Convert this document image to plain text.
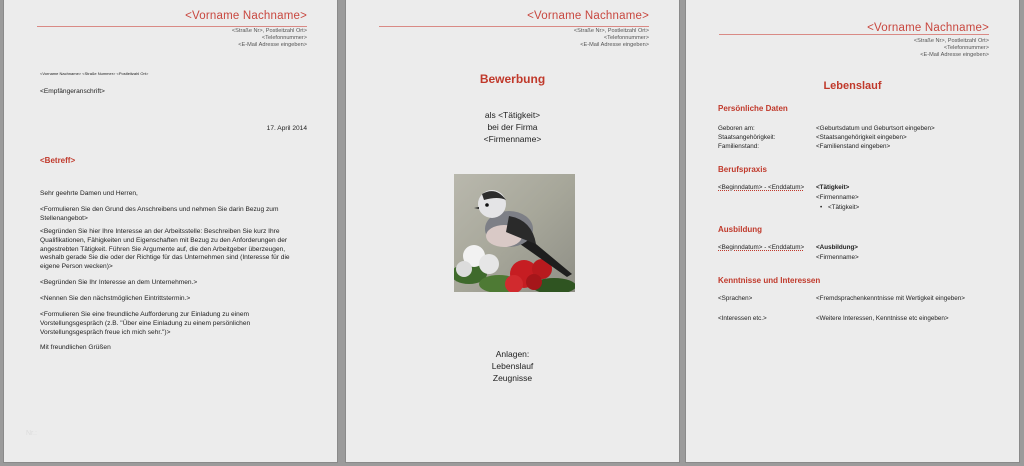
<Vorname Nachname>
<Straße Nr>, Postleitzahl Ort>
<Telefonnummer>
<E-Mail Adresse eingeben>
<Vorname Nachname> <Straße Nummer> <Postleitzahl Ort>
<Empfängeranschrift>
17. April 2014
<Betreff>
Sehr geehrte Damen und Herren,
<Formulieren Sie den Grund des Anschreibens und nehmen Sie darin Bezug zum Stellenangebot>
<Begründen Sie hier Ihre Interesse an der Arbeitsstelle: Beschreiben Sie kurz Ihre Qualifikationen, Fähigkeiten und Eigenschaften mit Bezug zu den Anforderungen der angestrebten Tätigkeit. Führen Sie Argumente auf, die den Arbeitgeber überzeugen, weshalb gerade Sie die oder der Richtige für das Unternehmen sind (Interesse für die eigene Person wecken)>
<Begründen Sie Ihr Interesse an dem Unternehmen.>
<Nennen Sie den nächstmöglichen Eintrittstermin.>
<Formulieren Sie eine freundliche Aufforderung zur Einladung zu einem Vorstellungsgespräch (z.B. "Über eine Einladung zu einem persönlichen Vorstellungsgespräch freue ich mich sehr.")>
Mit freundlichen Grüßen
Nr.:
<Vorname Nachname>
<Straße Nr>, Postleitzahl Ort>
<Telefonnummer>
<E-Mail Adresse eingeben>
Bewerbung
als <Tätigkeit>
bei der Firma
<Firmenname>
Anlagen:
Lebenslauf
Zeugnisse
<Vorname Nachname>
<Straße Nr>, Postleitzahl Ort>
<Telefonnummer>
<E-Mail Adresse eingeben>
Lebenslauf
Persönliche Daten
Geboren am:	<Geburtsdatum und Geburtsort eingeben>
Staatsangehörigkeit:	<Staatsangehörigkeit eingeben>
Familienstand:	<Familienstand eingeben>
Berufspraxis
<Beginndatum> - <Enddatum> <Tätigkeit>
<Firmenname>
• <Tätigkeit>
Ausbildung
<Beginndatum> - <Enddatum> <Ausbildung>
<Firmenname>
Kenntnisse und Interessen
<Sprachen>	<Fremdsprachenkenntnisse mit Wertigkeit eingeben>
<Interessen etc.>	<Weitere Interessen, Kenntnisse etc eingeben>
